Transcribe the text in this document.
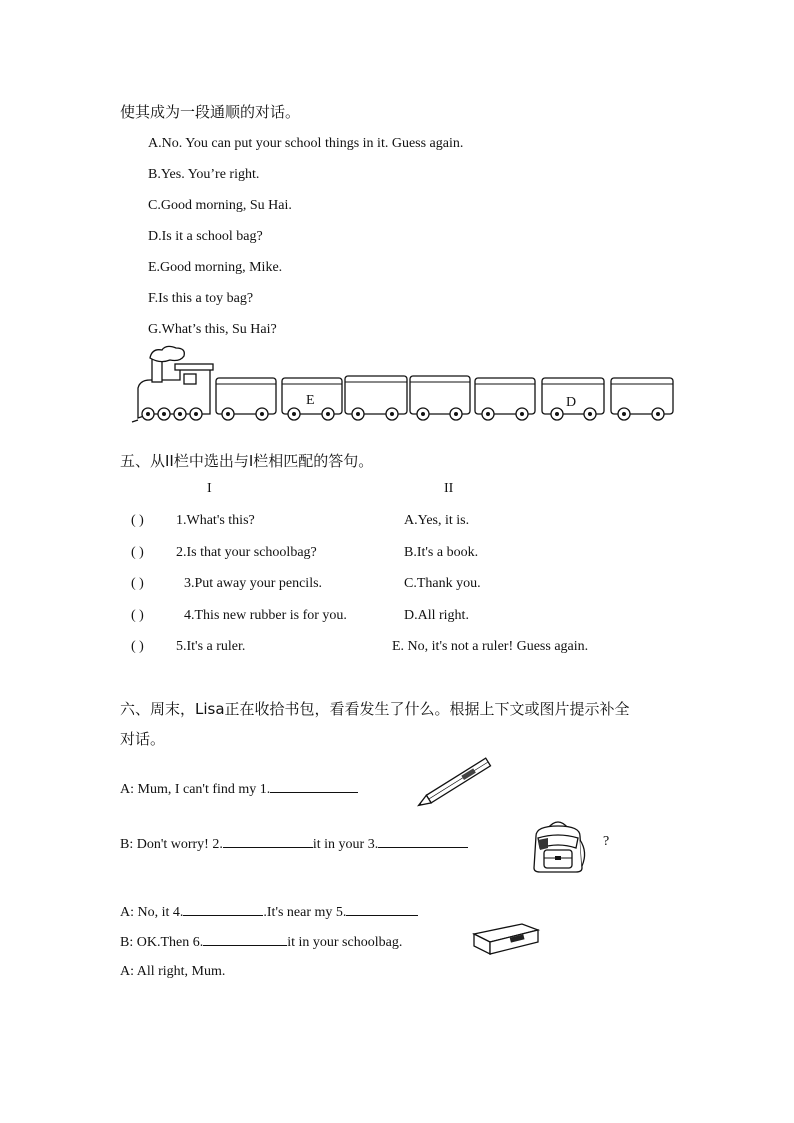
使其成为一段通顺的对话。
A.No. You can put your school things in it. Guess again.
B.Yes. You’re right.
C.Good morning, Su Hai.
D.Is it a school bag?
E.Good morning, Mike.
F.Is this a toy bag?
G.What’s this, Su Hai?
E	D
五、从II栏中选出与I栏相匹配的答句。
I	II
( ) 1.What's this?	A.Yes, it is.
( ) 2.Is that your schoolbag?	B.It's a book.
( )	3.Put away your pencils.	C.Thank you.
( )	4.This new rubber is for you.	D.All right.
( ) 5.It's a ruler.	E. No, it's not a ruler! Guess again.
六、周末，Lisa正在收拾书包，看看发生了什么。根据上下文或图片提示补全
对话。
A: Mum, I can't find my 1.
B: Don't worry! 2.	it in your 3.	?
A: No, it 4.	.It's near my 5.
B: OK.Then 6.	it in your schoolbag.
A: All right, Mum.
